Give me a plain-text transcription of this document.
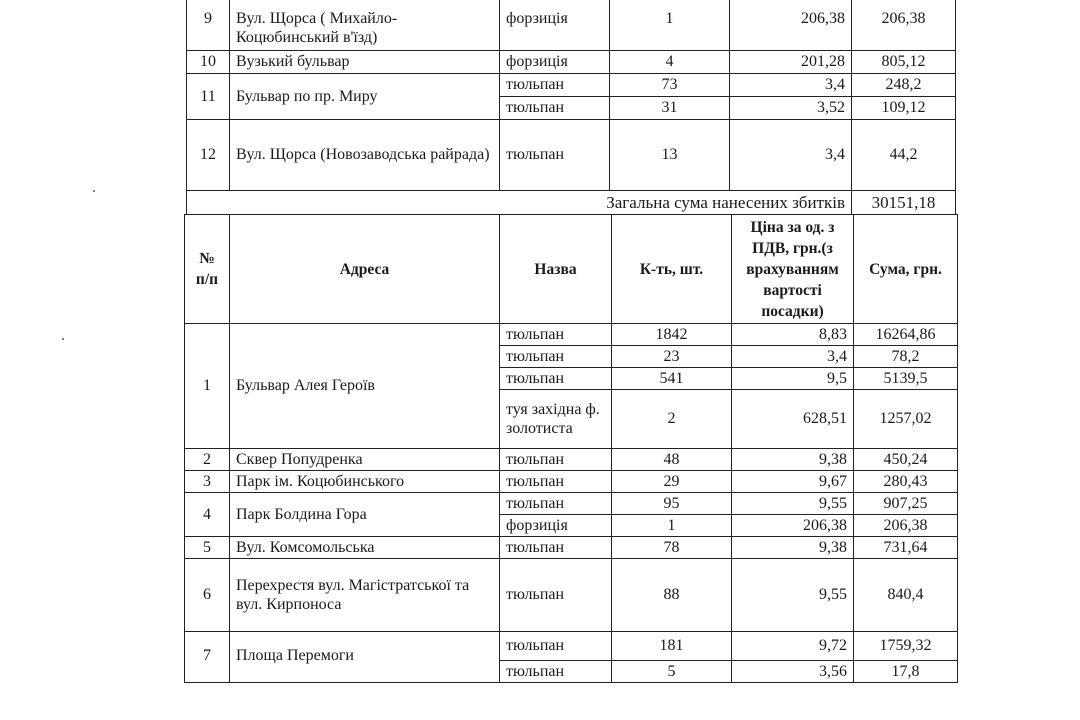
9	Вул. Щорса ( Михайло-Коцюбинський в'їзд)	форзиція	1	206,38	206,38
10	Вузький бульвар	форзиція	4	201,28	805,12
11	Бульвар по пр. Миру	тюльпан	73	3,4	248,2
		тюльпан	31	3,52	109,12
12	Вул. Щорса (Новозаводська райрада)	тюльпан	13	3,4	44,2
Загальна сума нанесених збитків					30151,18
№ п/п	Адреса	Назва	К-ть, шт.	Ціна за од. з ПДВ, грн.(з врахуванням вартості посадки)	Сума, грн.
1	Бульвар Алея Героїв	тюльпан	1842	8,83	16264,86
		тюльпан	23	3,4	78,2
		тюльпан	541	9,5	5139,5
		туя західна ф. золотиста	2	628,51	1257,02
2	Сквер Попудренка	тюльпан	48	9,38	450,24
3	Парк ім. Коцюбинського	тюльпан	29	9,67	280,43
4	Парк Болдина Гора	тюльпан	95	9,55	907,25
		форзиція	1	206,38	206,38
5	Вул. Комсомольська	тюльпан	78	9,38	731,64
6	Перехрестя вул. Магістратської та вул. Кирпоноса	тюльпан	88	9,55	840,4
7	Площа Перемоги	тюльпан	181	9,72	1759,32
		тюльпан	5	3,56	17,8
